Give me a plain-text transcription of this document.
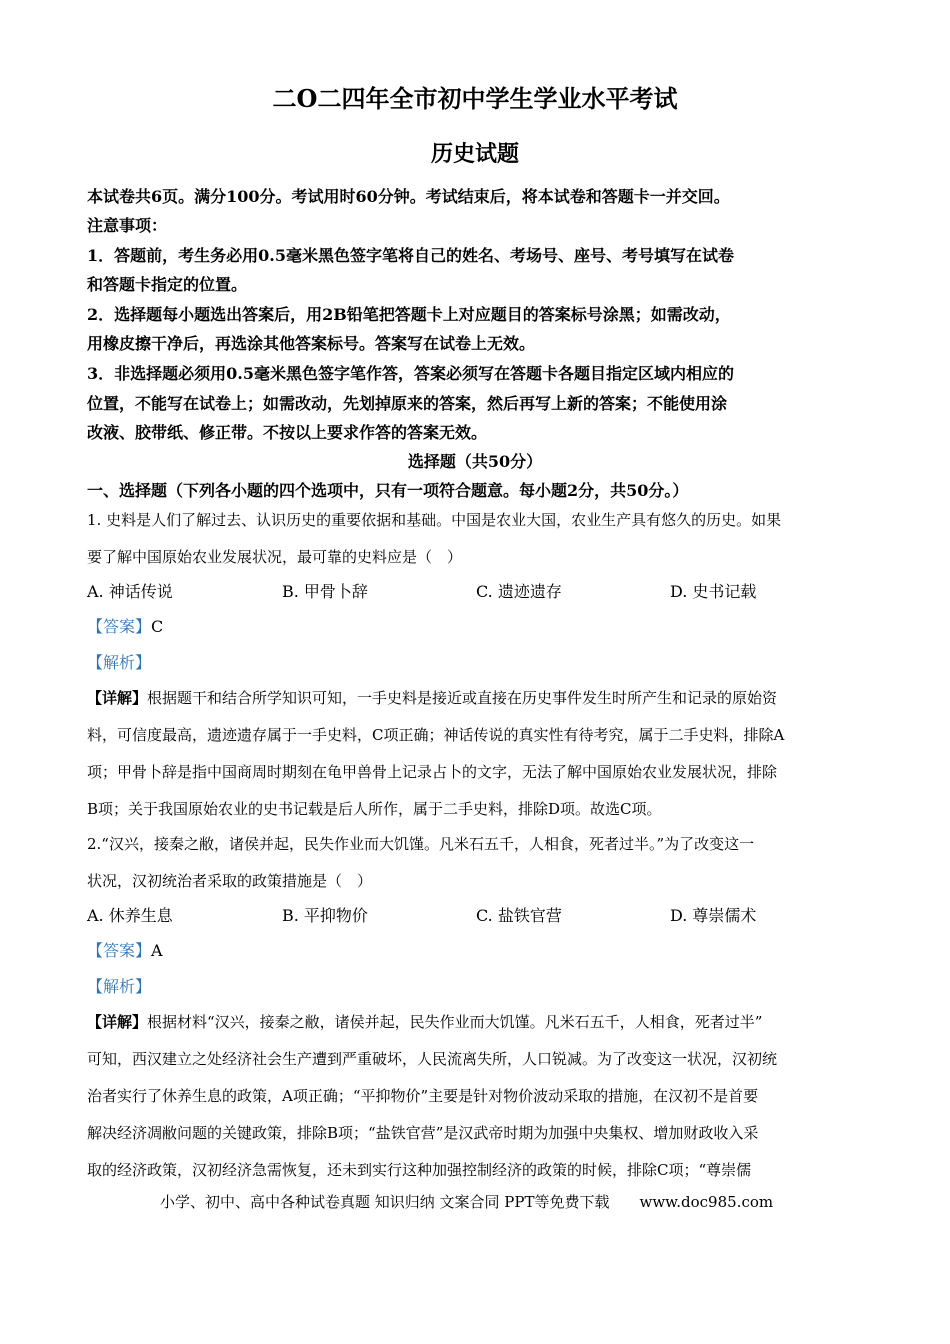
二O二四年全市初中学生学业水平考试
历史试题
本试卷共6页。满分100分。考试用时60分钟。考试结束后，将本试卷和答题卡一并交回。
注意事项：
1．答题前，考生务必用0.5毫米黑色签字笔将自己的姓名、考场号、座号、考号填写在试卷
和答题卡指定的位置。
2．选择题每小题选出答案后，用2B铅笔把答题卡上对应题目的答案标号涂黑；如需改动，
用橡皮擦干净后，再选涂其他答案标号。答案写在试卷上无效。
3．非选择题必须用0.5毫米黑色签字笔作答，答案必须写在答题卡各题目指定区域内相应的
位置，不能写在试卷上；如需改动，先划掉原来的答案，然后再写上新的答案；不能使用涂
改液、胶带纸、修正带。不按以上要求作答的答案无效。
选择题（共50分）
一、选择题（下列各小题的四个选项中，只有一项符合题意。每小题2分，共50分。）
1. 史料是人们了解过去、认识历史的重要依据和基础。中国是农业大国，农业生产具有悠久的历史。如果
要了解中国原始农业发展状况，最可靠的史料应是（　）
A. 神话传说	B. 甲骨卜辞	C. 遗迹遗存	D. 史书记载
【答案】C
【解析】
【详解】根据题干和结合所学知识可知，一手史料是接近或直接在历史事件发生时所产生和记录的原始资
料，可信度最高，遗迹遗存属于一手史料，C项正确；神话传说的真实性有待考究，属于二手史料，排除A
项；甲骨卜辞是指中国商周时期刻在龟甲兽骨上记录占卜的文字，无法了解中国原始农业发展状况，排除
B项；关于我国原始农业的史书记载是后人所作，属于二手史料，排除D项。故选C项。
2.“汉兴，接秦之敝，诸侯并起，民失作业而大饥馑。凡米石五千，人相食，死者过半。”为了改变这一
状况，汉初统治者采取的政策措施是（　）
A. 休养生息	B. 平抑物价	C. 盐铁官营	D. 尊崇儒术
【答案】A
【解析】
【详解】根据材料“汉兴，接秦之敝，诸侯并起，民失作业而大饥馑。凡米石五千，人相食，死者过半”
可知，西汉建立之处经济社会生产遭到严重破坏，人民流离失所，人口锐减。为了改变这一状况，汉初统
治者实行了休养生息的政策，A项正确；“平抑物价”主要是针对物价波动采取的措施，在汉初不是首要
解决经济凋敝问题的关键政策，排除B项；“盐铁官营”是汉武帝时期为加强中央集权、增加财政收入采
取的经济政策，汉初经济急需恢复，还未到实行这种加强控制经济的政策的时候，排除C项；“尊崇儒
小学、初中、高中各种试卷真题 知识归纳 文案合同 PPT等免费下载 www.doc985.com
